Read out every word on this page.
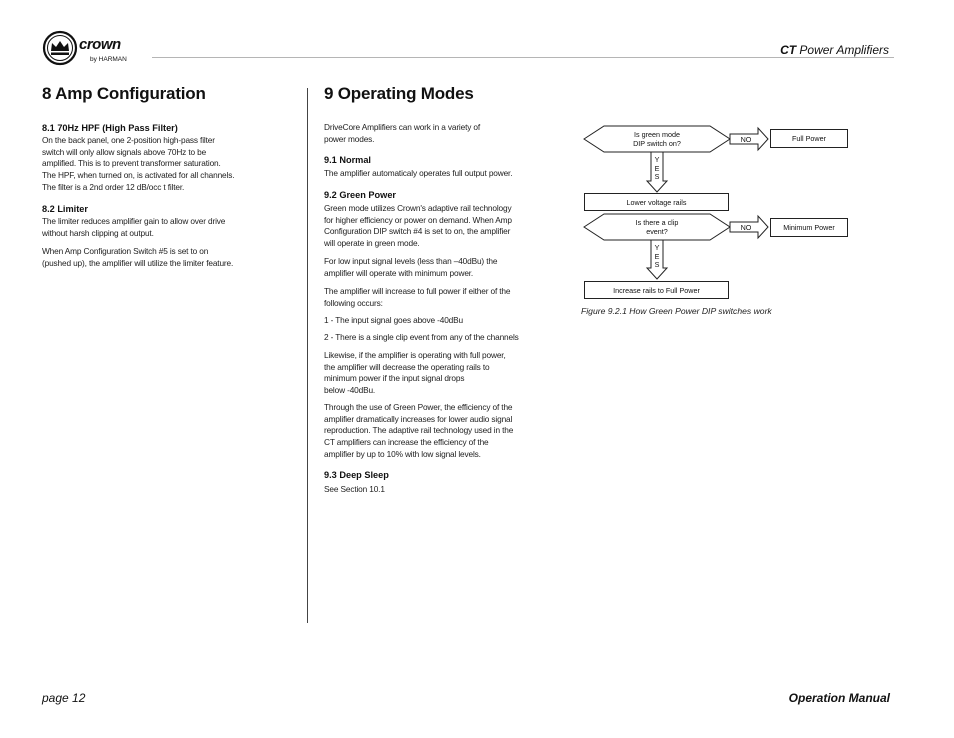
crown
by HARMAN
CT Power Amplifiers
8 Amp Configuration
8.1 70Hz HPF (High Pass Filter)
On the back panel, one 2-position high-pass filter
switch will only allow signals above 70Hz to be
amplified. This is to prevent transformer saturation.
The HPF, when turned on, is activated for all channels.
The filter is a 2nd order 12 dB/occ t filter.
8.2 Limiter
The limiter reduces amplifier gain to allow over drive
without harsh clipping at output.
When Amp Configuration Switch #5 is set to on
(pushed up), the amplifier will utilize the limiter feature.
9 Operating Modes
DriveCore Amplifiers can work in a variety of
power modes.
9.1 Normal
The amplifier automaticaly operates full output power.
9.2 Green Power
Green mode utilizes Crown's adaptive rail technology
for higher efficiency or power on demand. When Amp
Configuration DIP switch #4 is set to on, the amplifier
will operate in green mode.
For low input signal levels (less than –40dBu) the
amplifier will operate with minimum power.
The amplifier will increase to full power if either of the
following occurs:
1 - The input signal goes above -40dBu
2 - There is a single clip event from any of the channels
Likewise, if the amplifier is operating with full power,
the amplifier will decrease the operating rails to
minimum power if the input signal drops
below -40dBu.
Through the use of Green Power, the efficiency of the
amplifier dramatically increases for lower audio signal
reproduction. The adaptive rail technology used in the
CT amplifiers can increase the efficiency of the
amplifier by up to 10% with low signal levels.
9.3 Deep Sleep
See Section 10.1
Is green mode
DIP switch on?	NO	Full Power
Y
E
S
Lower voltage rails
Is there a clip
event?	NO	Minimum Power
Y
E
S
Increase rails to Full Power
Figure 9.2.1 How Green Power DIP switches work
page 12	Operation Manual
